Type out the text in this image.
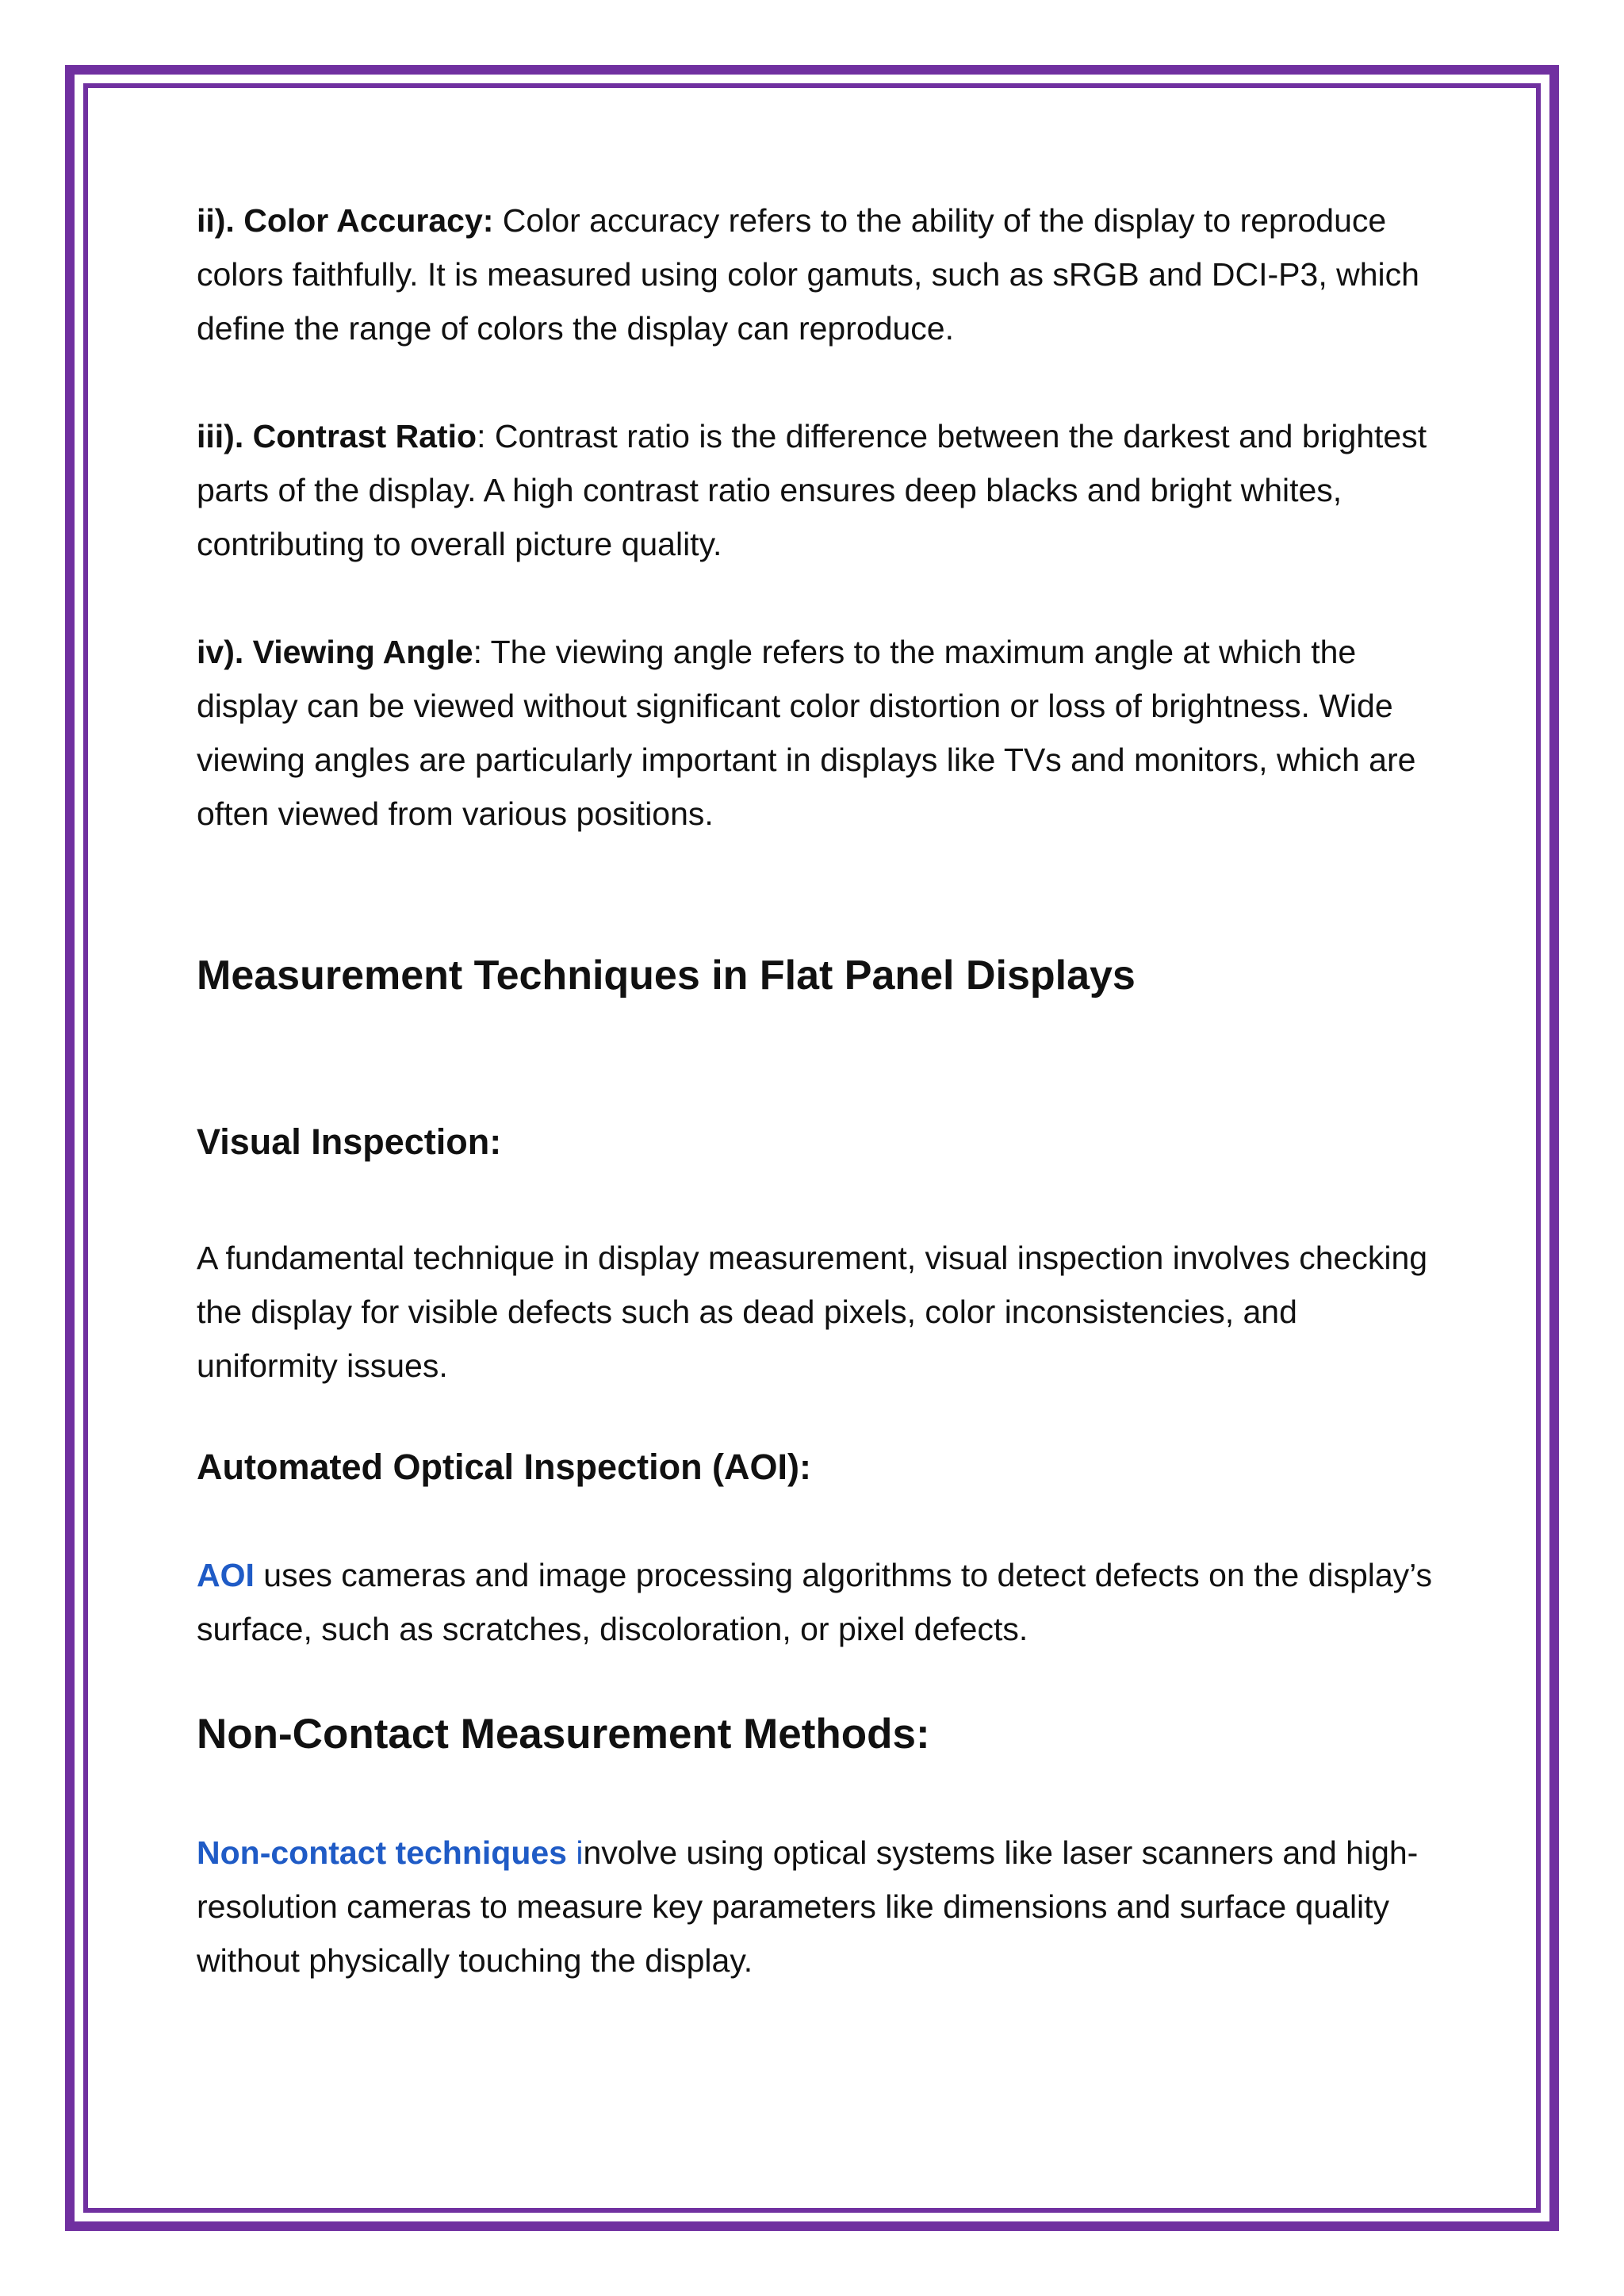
ii). Color Accuracy: Color accuracy refers to the ability of the display to reproduce colors faithfully. It is measured using color gamuts, such as sRGB and DCI-P3, which define the range of colors the display can reproduce.

iii). Contrast Ratio: Contrast ratio is the difference between the darkest and brightest parts of the display. A high contrast ratio ensures deep blacks and bright whites, contributing to overall picture quality.

iv). Viewing Angle: The viewing angle refers to the maximum angle at which the display can be viewed without significant color distortion or loss of brightness. Wide viewing angles are particularly important in displays like TVs and monitors, which are often viewed from various positions.

Measurement Techniques in Flat Panel Displays
Visual Inspection:

A fundamental technique in display measurement, visual inspection involves checking the display for visible defects such as dead pixels, color inconsistencies, and uniformity issues.

Automated Optical Inspection (AOI):

AOI uses cameras and image processing algorithms to detect defects on the display’s surface, such as scratches, discoloration, or pixel defects.

Non-Contact Measurement Methods:

Non-contact techniques involve using optical systems like laser scanners and high-resolution cameras to measure key parameters like dimensions and surface quality without physically touching the display.
